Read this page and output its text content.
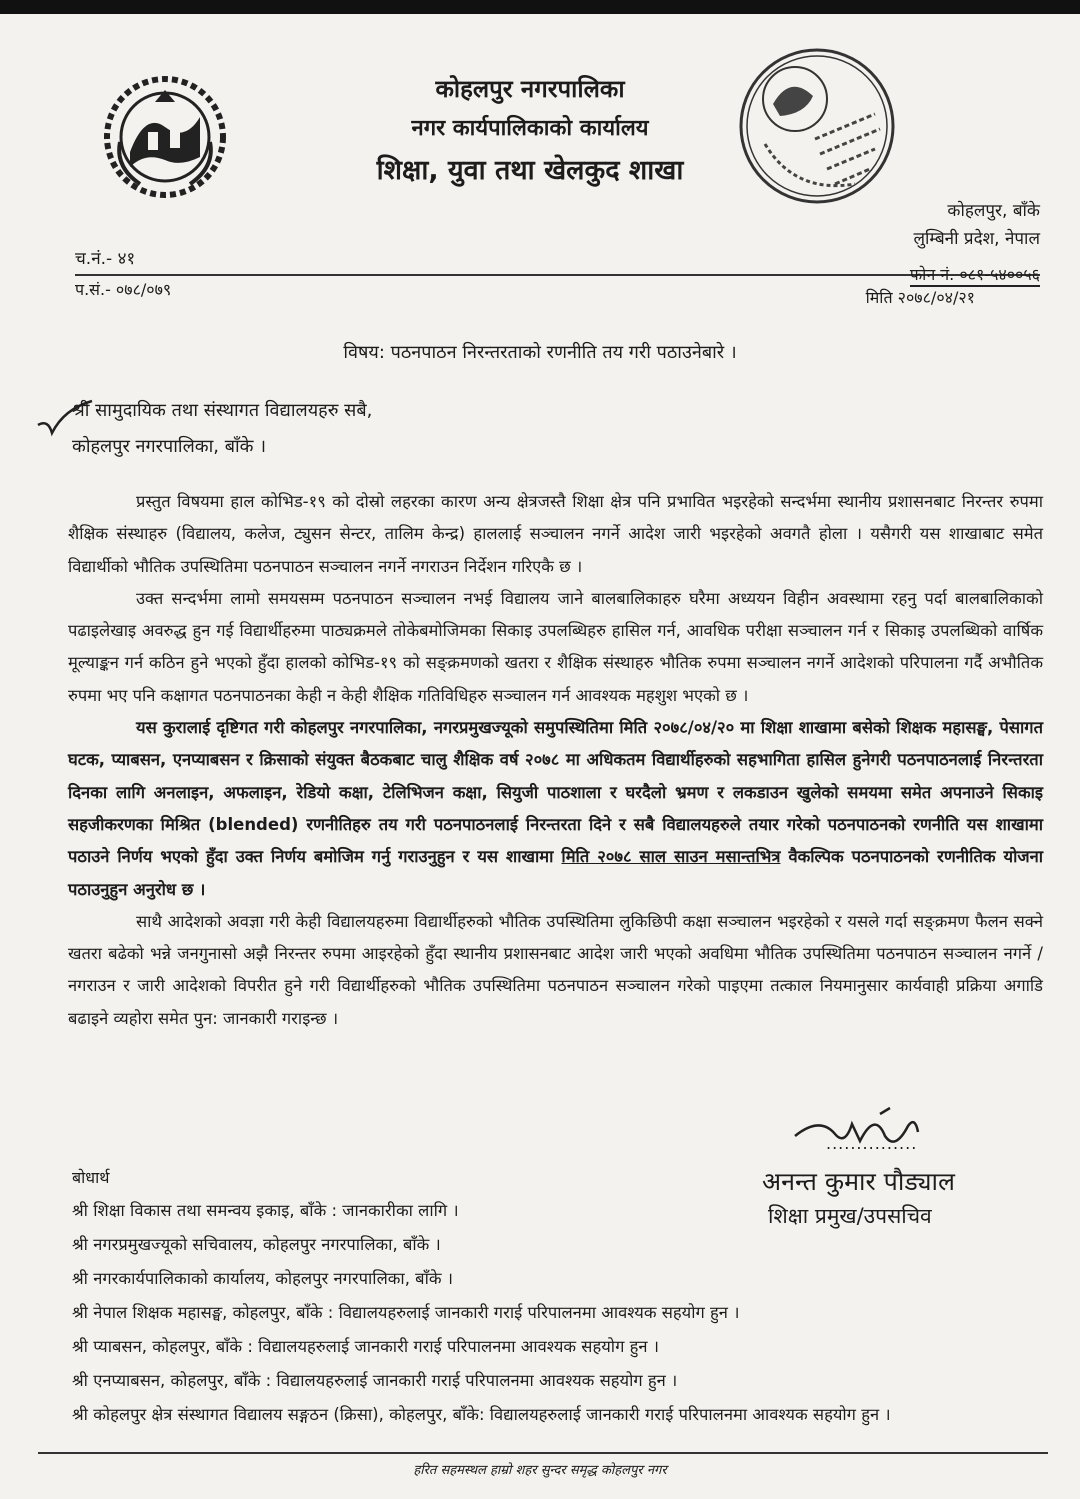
कोहलपुर नगरपालिका
नगर कार्यपालिकाको कार्यालय
शिक्षा, युवा तथा खेलकुद शाखा
कोहलपुर, बाँके
लुम्बिनी प्रदेश, नेपाल
च.नं.- ४१
फोन नं. ०८१-५४००५६
प.सं.- ०७८/०७९	मिति २०७८/०४/२१
विषय: पठनपाठन निरन्तरताको रणनीति तय गरी पठाउनेबारे ।
श्री सामुदायिक तथा संस्थागत विद्यालयहरु सबै,
कोहलपुर नगरपालिका, बाँके ।

प्रस्तुत विषयमा हाल कोभिड-१९ को दोस्रो लहरका कारण अन्य क्षेत्रजस्तै शिक्षा क्षेत्र पनि प्रभावित भइरहेको सन्दर्भमा स्थानीय प्रशासनबाट निरन्तर रुपमा शैक्षिक संस्थाहरु (विद्यालय, कलेज, ट्युसन सेन्टर, तालिम केन्द्र) हाललाई सञ्चालन नगर्ने आदेश जारी भइरहेको अवगतै होला । यसैगरी यस शाखाबाट समेत विद्यार्थीको भौतिक उपस्थितिमा पठनपाठन सञ्चालन नगर्ने नगराउन निर्देशन गरिएकै छ ।

उक्त सन्दर्भमा लामो समयसम्म पठनपाठन सञ्चालन नभई विद्यालय जाने बालबालिकाहरु घरैमा अध्ययन विहीन अवस्थामा रहनु पर्दा बालबालिकाको पढाइलेखाइ अवरुद्ध हुन गई विद्यार्थीहरुमा पाठ्यक्रमले तोकेबमोजिमका सिकाइ उपलब्धिहरु हासिल गर्न, आवधिक परीक्षा सञ्चालन गर्न र सिकाइ उपलब्धिको वार्षिक मूल्याङ्कन गर्न कठिन हुने भएको हुँदा हालको कोभिड-१९ को सङ्क्रमणको खतरा र शैक्षिक संस्थाहरु भौतिक रुपमा सञ्चालन नगर्ने आदेशको परिपालना गर्दै अभौतिक रुपमा भए पनि कक्षागत पठनपाठनका केही न केही शैक्षिक गतिविधिहरु सञ्चालन गर्न आवश्यक महशुश भएको छ ।

यस कुरालाई दृष्टिगत गरी कोहलपुर नगरपालिका, नगरप्रमुखज्यूको समुपस्थितिमा मिति २०७८/०४/२० मा शिक्षा शाखामा बसेको शिक्षक महासङ्घ, पेसागत घटक, प्याबसन, एनप्याबसन र क्रिसाको संयुक्त बैठकबाट चालु शैक्षिक वर्ष २०७८ मा अधिकतम विद्यार्थीहरुको सहभागिता हासिल हुनेगरी पठनपाठनलाई निरन्तरता दिनका लागि अनलाइन, अफलाइन, रेडियो कक्षा, टेलिभिजन कक्षा, सियुजी पाठशाला र घरदैलो भ्रमण र लकडाउन खुलेको समयमा समेत अपनाउने सिकाइ सहजीकरणका मिश्रित (blended) रणनीतिहरु तय गरी पठनपाठनलाई निरन्तरता दिने र सबै विद्यालयहरुले तयार गरेको पठनपाठनको रणनीति यस शाखामा पठाउने निर्णय भएको हुँदा उक्त निर्णय बमोजिम गर्नु गराउनुहुन र यस शाखामा मिति २०७८ साल साउन मसान्तभित्र वैकल्पिक पठनपाठनको रणनीतिक योजना पठाउनुहुन अनुरोध छ ।

साथै आदेशको अवज्ञा गरी केही विद्यालयहरुमा विद्यार्थीहरुको भौतिक उपस्थितिमा लुकिछिपी कक्षा सञ्चालन भइरहेको र यसले गर्दा सङ्क्रमण फैलन सक्ने खतरा बढेको भन्ने जनगुनासो अझै निरन्तर रुपमा आइरहेको हुँदा स्थानीय प्रशासनबाट आदेश जारी भएको अवधिमा भौतिक उपस्थितिमा पठनपाठन सञ्चालन नगर्ने / नगराउन र जारी आदेशको विपरीत हुने गरी विद्यार्थीहरुको भौतिक उपस्थितिमा पठनपाठन सञ्चालन गरेको पाइएमा तत्काल नियमानुसार कार्यवाही प्रक्रिया अगाडि बढाइने व्यहोरा समेत पुन: जानकारी गराइन्छ ।

...............
अनन्त कुमार पौड्याल
शिक्षा प्रमुख/उपसचिव
बोधार्थ
श्री शिक्षा विकास तथा समन्वय इकाइ, बाँके : जानकारीका लागि ।
श्री नगरप्रमुखज्यूको सचिवालय, कोहलपुर नगरपालिका, बाँके ।
श्री नगरकार्यपालिकाको कार्यालय, कोहलपुर नगरपालिका, बाँके ।
श्री नेपाल शिक्षक महासङ्घ, कोहलपुर, बाँके : विद्यालयहरुलाई जानकारी गराई परिपालनमा आवश्यक सहयोग हुन ।
श्री प्याबसन, कोहलपुर, बाँके : विद्यालयहरुलाई जानकारी गराई परिपालनमा आवश्यक सहयोग हुन ।
श्री एनप्याबसन, कोहलपुर, बाँके : विद्यालयहरुलाई जानकारी गराई परिपालनमा आवश्यक सहयोग हुन ।
श्री कोहलपुर क्षेत्र संस्थागत विद्यालय सङ्गठन (क्रिसा), कोहलपुर, बाँके: विद्यालयहरुलाई जानकारी गराई परिपालनमा आवश्यक सहयोग हुन ।
हरित सहमस्थल हाम्रो शहर सुन्दर समृद्ध कोहलपुर नगर
